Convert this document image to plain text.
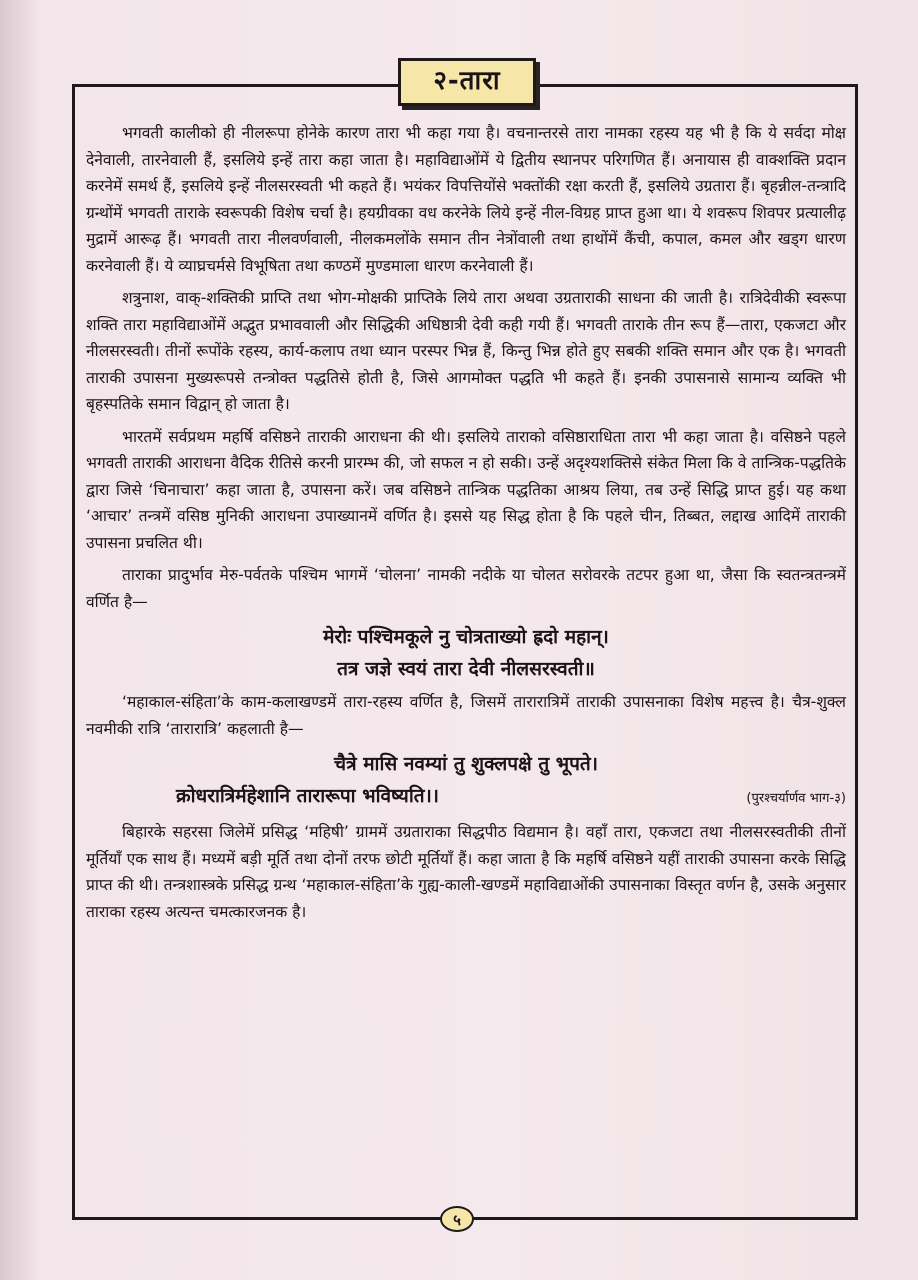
२-तारा

भगवती कालीको ही नीलरूपा होनेके कारण तारा भी कहा गया है। वचनान्तरसे तारा नामका रहस्य यह भी है कि ये सर्वदा मोक्ष देनेवाली, तारनेवाली हैं, इसलिये इन्हें तारा कहा जाता है। महाविद्याओंमें ये द्वितीय स्थानपर परिगणित हैं। अनायास ही वाक्शक्ति प्रदान करनेमें समर्थ हैं, इसलिये इन्हें नीलसरस्वती भी कहते हैं। भयंकर विपत्तियोंसे भक्तोंकी रक्षा करती हैं, इसलिये उग्रतारा हैं। बृहन्नील-तन्त्रादि ग्रन्थोंमें भगवती ताराके स्वरूपकी विशेष चर्चा है। हयग्रीवका वध करनेके लिये इन्हें नील-विग्रह प्राप्त हुआ था। ये शवरूप शिवपर प्रत्यालीढ़ मुद्रामें आरूढ़ हैं। भगवती तारा नीलवर्णवाली, नीलकमलोंके समान तीन नेत्रोंवाली तथा हाथोंमें कैंची, कपाल, कमल और खड्ग धारण करनेवाली हैं। ये व्याघ्रचर्मसे विभूषिता तथा कण्ठमें मुण्डमाला धारण करनेवाली हैं।

शत्रुनाश, वाक्-शक्तिकी प्राप्ति तथा भोग-मोक्षकी प्राप्तिके लिये तारा अथवा उग्रताराकी साधना की जाती है। रात्रिदेवीकी स्वरूपा शक्ति तारा महाविद्याओंमें अद्भुत प्रभाववाली और सिद्धिकी अधिष्ठात्री देवी कही गयी हैं। भगवती ताराके तीन रूप हैं—तारा, एकजटा और नीलसरस्वती। तीनों रूपोंके रहस्य, कार्य-कलाप तथा ध्यान परस्पर भिन्न हैं, किन्तु भिन्न होते हुए सबकी शक्ति समान और एक है। भगवती ताराकी उपासना मुख्यरूपसे तन्त्रोक्त पद्धतिसे होती है, जिसे आगमोक्त पद्धति भी कहते हैं। इनकी उपासनासे सामान्य व्यक्ति भी बृहस्पतिके समान विद्वान् हो जाता है।

भारतमें सर्वप्रथम महर्षि वसिष्ठने ताराकी आराधना की थी। इसलिये ताराको वसिष्ठाराधिता तारा भी कहा जाता है। वसिष्ठने पहले भगवती ताराकी आराधना वैदिक रीतिसे करनी प्रारम्भ की, जो सफल न हो सकी। उन्हें अदृश्यशक्तिसे संकेत मिला कि वे तान्त्रिक-पद्धतिके द्वारा जिसे ‘चिनाचारा’ कहा जाता है, उपासना करें। जब वसिष्ठने तान्त्रिक पद्धतिका आश्रय लिया, तब उन्हें सिद्धि प्राप्त हुई। यह कथा ‘आचार’ तन्त्रमें वसिष्ठ मुनिकी आराधना उपाख्यानमें वर्णित है। इससे यह सिद्ध होता है कि पहले चीन, तिब्बत, लद्दाख आदिमें ताराकी उपासना प्रचलित थी।

ताराका प्रादुर्भाव मेरु-पर्वतके पश्चिम भागमें ‘चोलना’ नामकी नदीके या चोलत सरोवरके तटपर हुआ था, जैसा कि स्वतन्त्रतन्त्रमें वर्णित है—

मेरोः पश्चिमकूले नु चोत्रताख्यो ह्रदो महान्।
तत्र जज्ञे स्वयं तारा देवी नीलसरस्वती॥

‘महाकाल-संहिता’के काम-कलाखण्डमें तारा-रहस्य वर्णित है, जिसमें तारारात्रिमें ताराकी उपासनाका विशेष महत्त्व है। चैत्र-शुक्ल नवमीकी रात्रि ‘तारारात्रि’ कहलाती है—

चैत्रे मासि नवम्यां तु शुक्लपक्षे तु भूपते।
क्रोधरात्रिर्महेशानि तारारूपा भविष्यति।।	(पुरश्चर्यार्णव भाग-३)

बिहारके सहरसा जिलेमें प्रसिद्ध ‘महिषी’ ग्राममें उग्रताराका सिद्धपीठ विद्यमान है। वहाँ तारा, एकजटा तथा नीलसरस्वतीकी तीनों मूर्तियाँ एक साथ हैं। मध्यमें बड़ी मूर्ति तथा दोनों तरफ छोटी मूर्तियाँ हैं। कहा जाता है कि महर्षि वसिष्ठने यहीं ताराकी उपासना करके सिद्धि प्राप्त की थी। तन्त्रशास्त्रके प्रसिद्ध ग्रन्थ ‘महाकाल-संहिता’के गुह्य-काली-खण्डमें महाविद्याओंकी उपासनाका विस्तृत वर्णन है, उसके अनुसार ताराका रहस्य अत्यन्त चमत्कारजनक है।

५
